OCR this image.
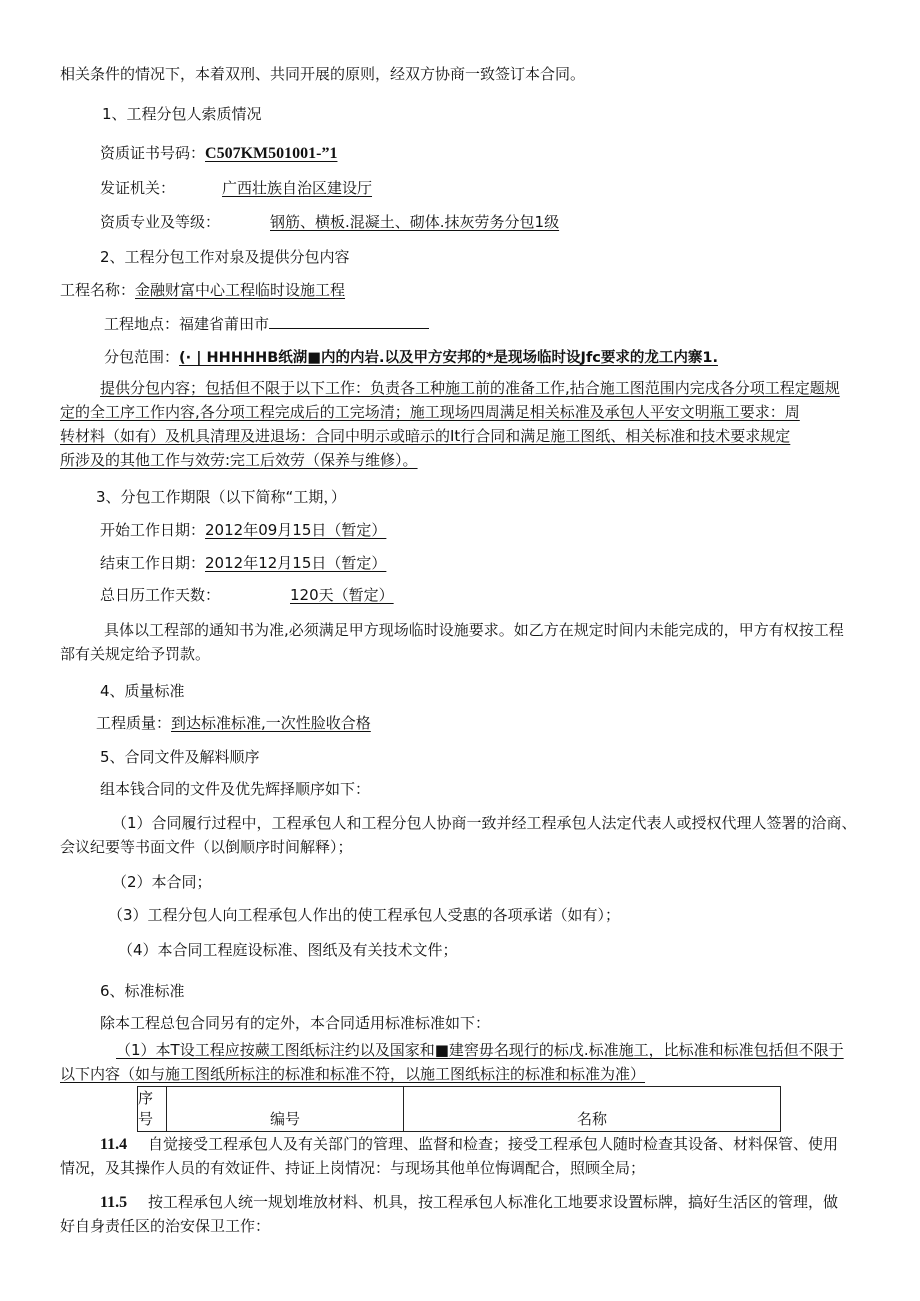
相关条件的情况下，本着双刑、共同开展的原则，经双方协商一致签订本合同。
1、工程分包人索质情况
资质证书号码：C507KM501001-”1
发证机关：	广西壮族自治区建设厅
资质专业及等级：	钢筋、横板.混凝土、砌体.抹灰劳务分包1级
2、工程分包工作对泉及提供分包内容
工程名称：金融财富中心工程临时设施工程
工程地点：福建省莆田市
分包范围：(· | HHHHHB纸湖■内的内岩.以及甲方安邦的*是现场临时设Jfc要求的龙工内寨1.
提供分包内容；包括但不限于以下工作：负责各工种施工前的准备工作,拈合施工图范围内完戌各分项工程定题规
定的全工序工作内容,各分项工程完成后的工完场清；施工现场四周满足相关标准及承包人平安文明瓶工要求：周
转材料（如有）及机具清理及进退场：合同中明示或暗示的It行合同和满足施工图纸、相关标准和技术要求规定
所涉及的其他工作与效劳:完工后效劳（保养与维修）。
3、分包工作期限（以下简称“工期，）
开始工作日期：2012年09月15日（暂定）
结束工作日期：2012年12月15日（暂定）
总日历工作天数：	120天（暂定）
具体以工程部的通知书为准,必须满足甲方现场临时设施要求。如乙方在规定时间内未能完成的，甲方有权按工程
部有关规定给予罚款。
4、质量标准
工程质量：到达标准标准,一次性脸收合格
5、合同文件及解料顺序
组本钱合同的文件及优先辉择顺序如下：
（1）合同履行过程中，工程承包人和工程分包人协商一致并经工程承包人法定代表人或授权代理人签署的洽商、
会议纪要等书面文件（以倒顺序时间解释）；
（2）本合同；
（3）工程分包人向工程承包人作出的使工程承包人受惠的各项承诺（如有）；
（4）本合同工程庭设标准、图纸及有关技术文件；
6、标准标准
除本工程总包合同另有的定外，本合同适用标准标准如下：
（1）本T设工程应按蕨工图纸标注约以及国家和■建窖毋名现行的标戊.标准施工，比标准和标准包括但不限于
以下内容（如与施工图纸所标注的标准和标准不符，以施工图纸标注的标准和标准为准）
序号	编号	名称
11.4 自觉接受工程承包人及有关部门的管理、监督和检查；接受工程承包人随时检查其设备、材料保管、使用
情况，及其操作人员的有效证件、持证上岗情况：与现场其他单位悔调配合，照顾全局；
11.5 按工程承包人统一规划堆放材料、机具，按工程承包人标准化工地要求设置标牌，搞好生活区的管理，做
好自身责任区的治安保卫工作：
